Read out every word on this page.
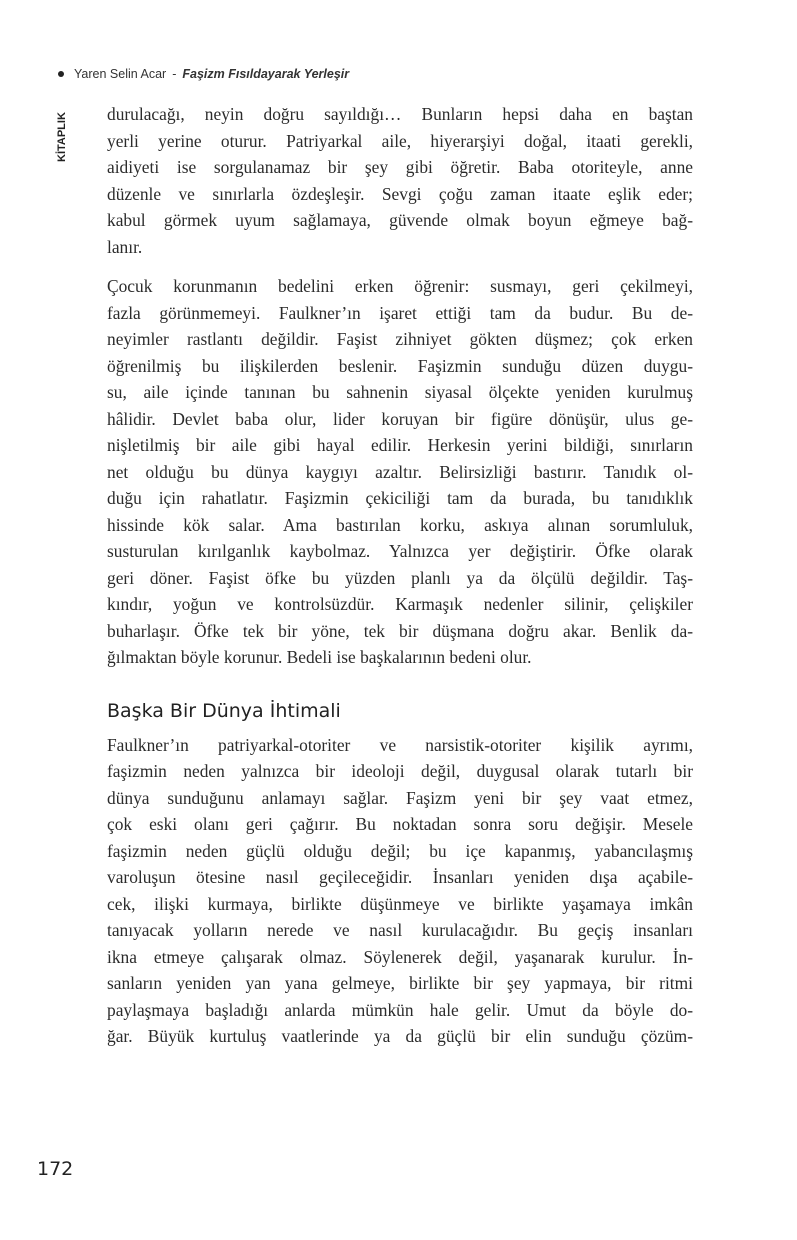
Yaren Selin Acar - Faşizm Fısıldayarak Yerleşir
KİTAPLIK durulacağı, neyin doğru sayıldığı… Bunların hepsi daha en baştan
yerli yerine oturur. Patriyarkal aile, hiyerarşiyi doğal, itaati gerekli,
aidiyeti ise sorgulanamaz bir şey gibi öğretir. Baba otoriteyle, anne
düzenle ve sınırlarla özdeşleşir. Sevgi çoğu zaman itaate eşlik eder;
kabul görmek uyum sağlamaya, güvende olmak boyun eğmeye bağ-
lanır.

Çocuk korunmanın bedelini erken öğrenir: susmayı, geri çekilmeyi,
fazla görünmemeyi. Faulkner’ın işaret ettiği tam da budur. Bu de-
neyimler rastlantı değildir. Faşist zihniyet gökten düşmez; çok erken
öğrenilmiş bu ilişkilerden beslenir. Faşizmin sunduğu düzen duygu-
su, aile içinde tanınan bu sahnenin siyasal ölçekte yeniden kurulmuş
hâlidir. Devlet baba olur, lider koruyan bir figüre dönüşür, ulus ge-
nişletilmiş bir aile gibi hayal edilir. Herkesin yerini bildiği, sınırların
net olduğu bu dünya kaygıyı azaltır. Belirsizliği bastırır. Tanıdık ol-
duğu için rahatlatır. Faşizmin çekiciliği tam da burada, bu tanıdıklık
hissinde kök salar. Ama bastırılan korku, askıya alınan sorumluluk,
susturulan kırılganlık kaybolmaz. Yalnızca yer değiştirir. Öfke olarak
geri döner. Faşist öfke bu yüzden planlı ya da ölçülü değildir. Taş-
kındır, yoğun ve kontrolsüzdür. Karmaşık nedenler silinir, çelişkiler
buharlaşır. Öfke tek bir yöne, tek bir düşmana doğru akar. Benlik da-
ğılmaktan böyle korunur. Bedeli ise başkalarının bedeni olur.

Başka Bir Dünya İhtimali

Faulkner’ın patriyarkal-otoriter ve narsistik-otoriter kişilik ayrımı,
faşizmin neden yalnızca bir ideoloji değil, duygusal olarak tutarlı bir
dünya sunduğunu anlamayı sağlar. Faşizm yeni bir şey vaat etmez,
çok eski olanı geri çağırır. Bu noktadan sonra soru değişir. Mesele
faşizmin neden güçlü olduğu değil; bu içe kapanmış, yabancılaşmış
varoluşun ötesine nasıl geçileceğidir. İnsanları yeniden dışa açabile-
cek, ilişki kurmaya, birlikte düşünmeye ve birlikte yaşamaya imkân
tanıyacak yolların nerede ve nasıl kurulacağıdır. Bu geçiş insanları
ikna etmeye çalışarak olmaz. Söylenerek değil, yaşanarak kurulur. İn-
sanların yeniden yan yana gelmeye, birlikte bir şey yapmaya, bir ritmi
paylaşmaya başladığı anlarda mümkün hale gelir. Umut da böyle do-
ğar. Büyük kurtuluş vaatlerinde ya da güçlü bir elin sunduğu çözüm-

172
